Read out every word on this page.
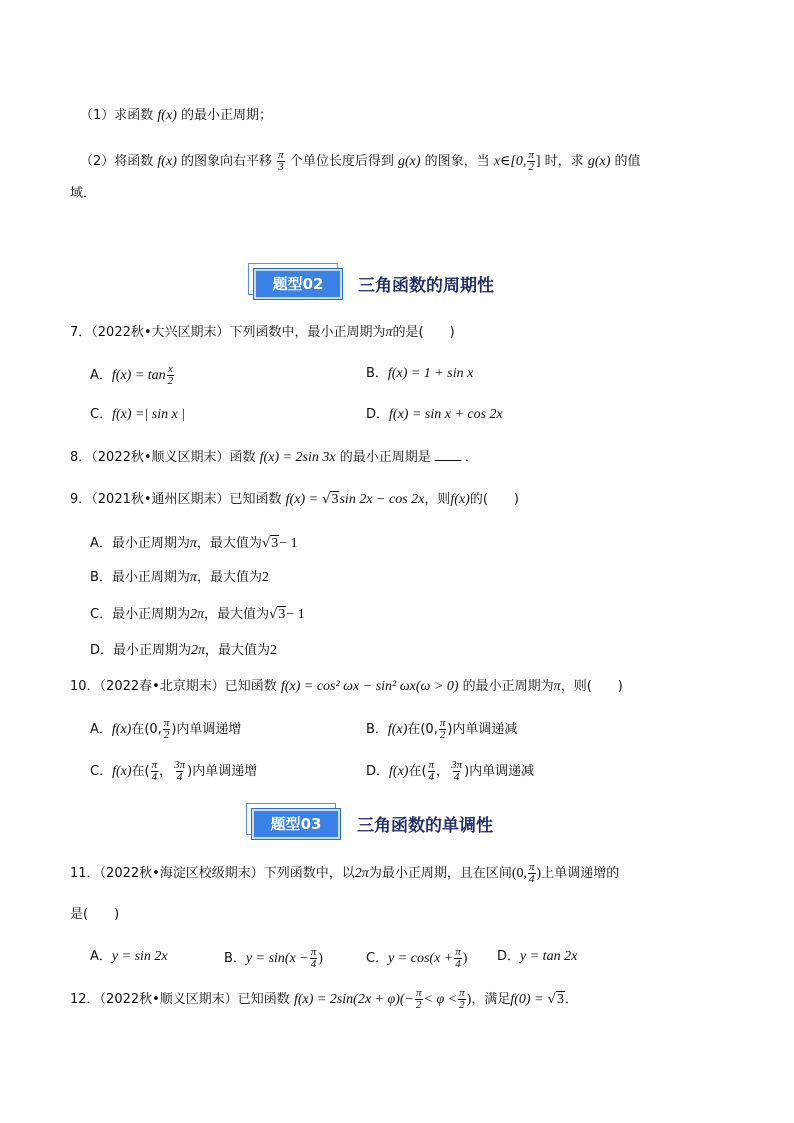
（1）求函数 f(x) 的最小正周期；
（2）将函数 f(x) 的图象向右平移 $\frac{\pi}{3}$ 个单位长度后得到 g(x) 的图象，当 x∈[0, $\frac{\pi}{2}$ ] 时，求 g(x) 的值
域．
题型02	三角函数的周期性
7．（2022秋•大兴区期末）下列函数中，最小正周期为π的是(　　)
A．$f(x) = \tan \frac{x}{2}$	B．f(x) = 1 + sin x
C．f(x) =| sin x |	D．f(x) = sin x + cos 2x
8．（2022秋•顺义区期末）函数 f(x) = 2sin 3x 的最小正周期是	．
9．（2021秋•通州区期末）已知函数 f(x) = √3sin 2x − cos 2x，则f(x)的(　　)
A．最小正周期为π，最大值为√3− 1
B．最小正周期为π，最大值为2
C．最小正周期为2π，最大值为√3− 1
D．最小正周期为2π，最大值为2
10．（2022春•北京期末）已知函数 f(x) = cos² ωx − sin² ωx(ω > 0) 的最小正周期为π，则(　　)
A．f(x)在(0, $\frac{\pi}{2}$ )内单调递增	B．f(x)在(0, $\frac{\pi}{2}$ )内单调递减
C．f(x)在( $\frac{\pi}{4}$ ， $\frac{3\pi}{4}$ )内单调递增	D．f(x)在( $\frac{\pi}{4}$ ， $\frac{3\pi}{4}$ )内单调递减
题型03	三角函数的单调性
11．（2022秋•海淀区校级期末）下列函数中，以2π为最小正周期，且在区间(0, $\frac{\pi}{4}$ )上单调递增的
是(　　)
A．y = sin 2x	B．$y = \sin(x - \frac{\pi}{4}$ )	C．$y = \cos(x + \frac{\pi}{4}$ ) D．y = tan 2x
12．（2022秋•顺义区期末）已知函数 $f(x) = 2\sin(2x + \varphi)(- \frac{\pi}{2} < \varphi < \frac{\pi}{2}$ )，满足f(0) = √3．
